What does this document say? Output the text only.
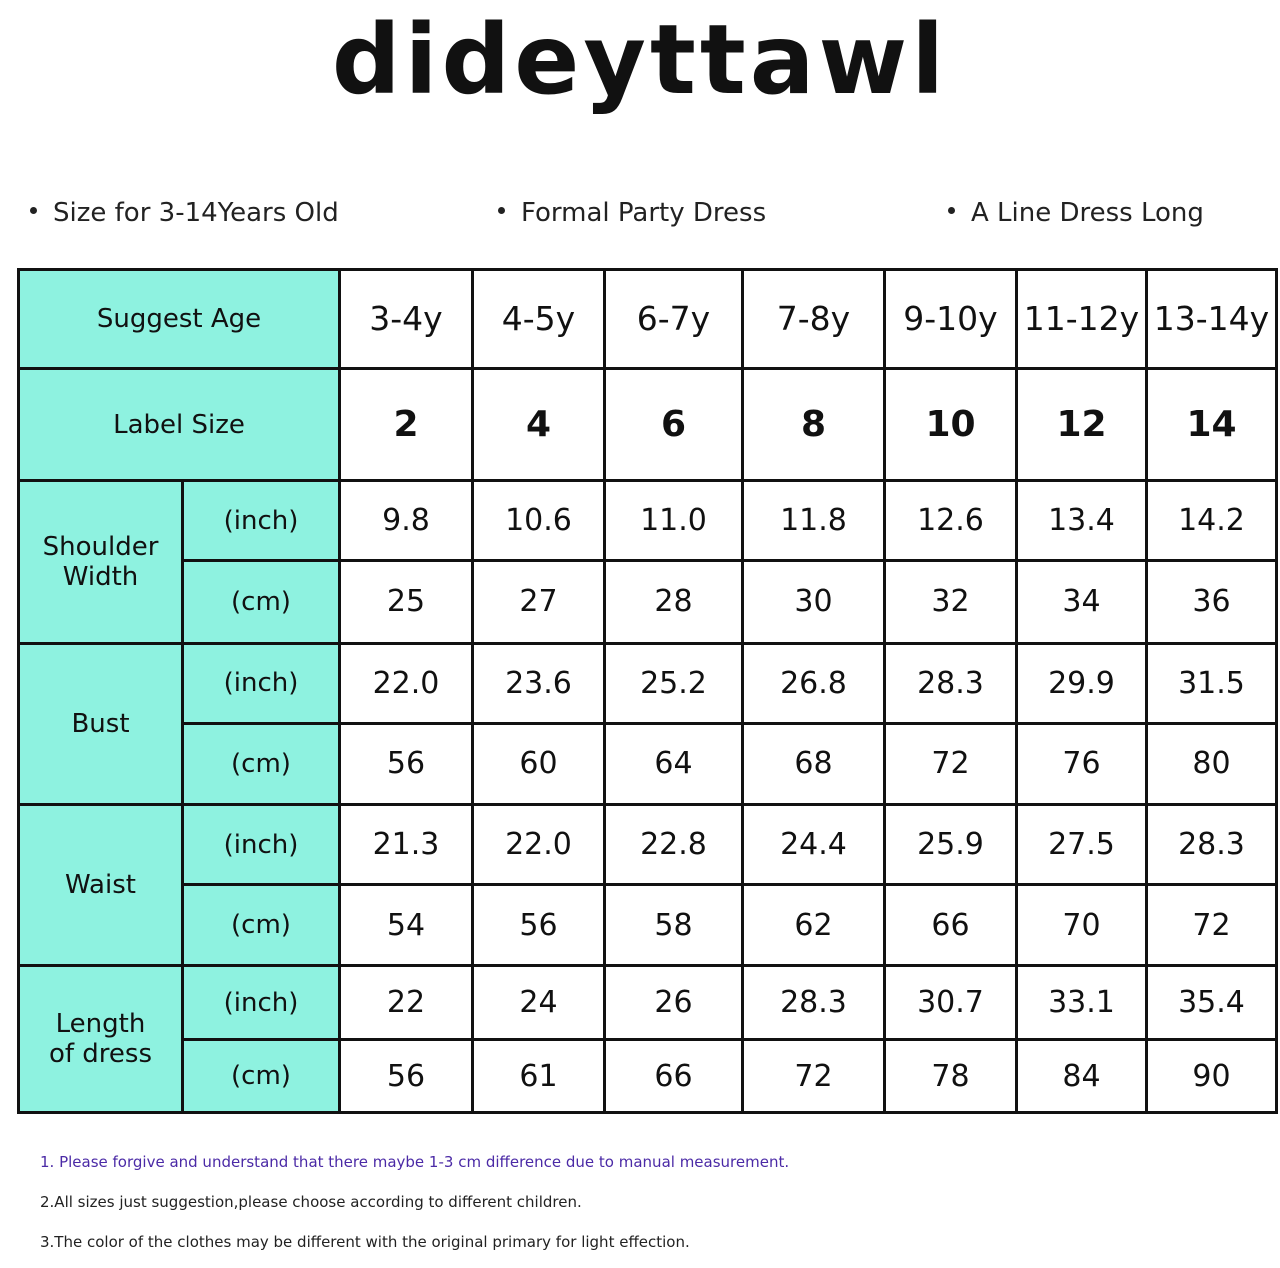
dideyttawl
Size for 3-14Years Old	Formal Party Dress	A Line Dress Long
Suggest Age		3-4y	4-5y	6-7y	7-8y	9-10y	11-12y	13-14y
Label Size		2	4	6	8	10	12	14

Shoulder
Width	(inch)	9.8	10.6	11.0	11.8	12.6	13.4	14.2
	(cm)	25	27	28	30	32	34	36

Bust	(inch)	22.0	23.6	25.2	26.8	28.3	29.9	31.5
	(cm)	56	60	64	68	72	76	80

Waist	(inch)	21.3	22.0	22.8	24.4	25.9	27.5	28.3
	(cm)	54	56	58	62	66	70	72

Length
of dress	(inch)	22	24	26	28.3	30.7	33.1	35.4
	(cm)	56	61	66	72	78	84	90
1. Please forgive and understand that there maybe 1-3 cm difference due to manual measurement.
2.All sizes just suggestion,please choose according to different children.
3.The color of the clothes may be different with the original primary for light effection.
